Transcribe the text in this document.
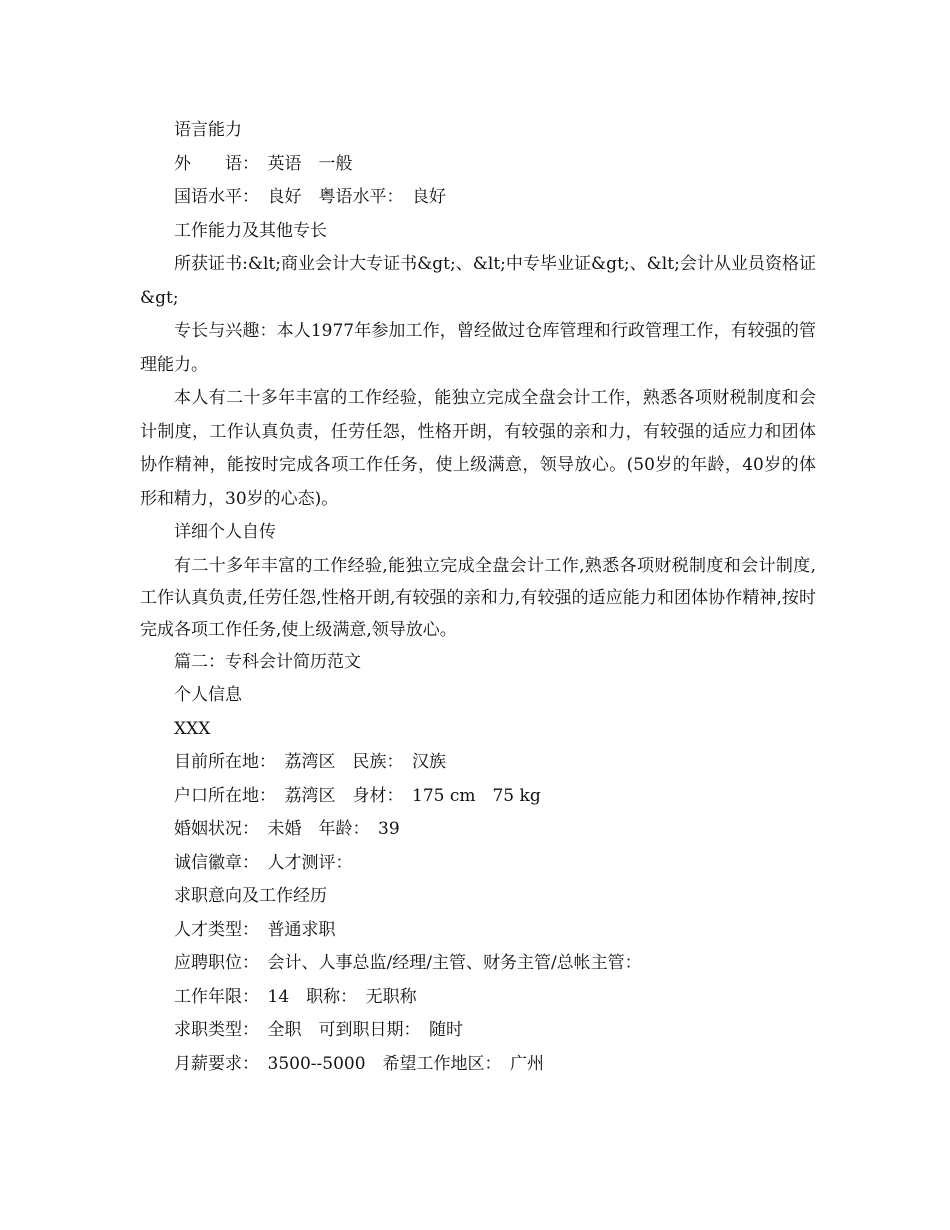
语言能力

外　　语：　英语　一般

国语水平：　良好　粤语水平：　良好

工作能力及其他专长

所获证书:&lt;商业会计大专证书&gt;、&lt;中专毕业证&gt;、&lt;会计从业员资格证&gt;

专长与兴趣：本人1977年参加工作，曾经做过仓库管理和行政管理工作，有较强的管理能力。

本人有二十多年丰富的工作经验，能独立完成全盘会计工作，熟悉各项财税制度和会计制度，工作认真负责，任劳任怨，性格开朗，有较强的亲和力，有较强的适应力和团体协作精神，能按时完成各项工作任务，使上级满意，领导放心。(50岁的年龄，40岁的体形和精力，30岁的心态)。

详细个人自传

有二十多年丰富的工作经验,能独立完成全盘会计工作,熟悉各项财税制度和会计制度,工作认真负责,任劳任怨,性格开朗,有较强的亲和力,有较强的适应能力和团体协作精神,按时完成各项工作任务,使上级满意,领导放心。

篇二：专科会计简历范文

个人信息

XXX

目前所在地：　荔湾区　民族：　汉族

户口所在地：　荔湾区　身材：　175 cm　75 kg

婚姻状况：　未婚　年龄：　39

诚信徽章：　人才测评：

求职意向及工作经历

人才类型：　普通求职

应聘职位：　会计、人事总监/经理/主管、财务主管/总帐主管：

工作年限：　14　职称：　无职称

求职类型：　全职　可到职日期：　随时

月薪要求：　3500--5000　希望工作地区：　广州
